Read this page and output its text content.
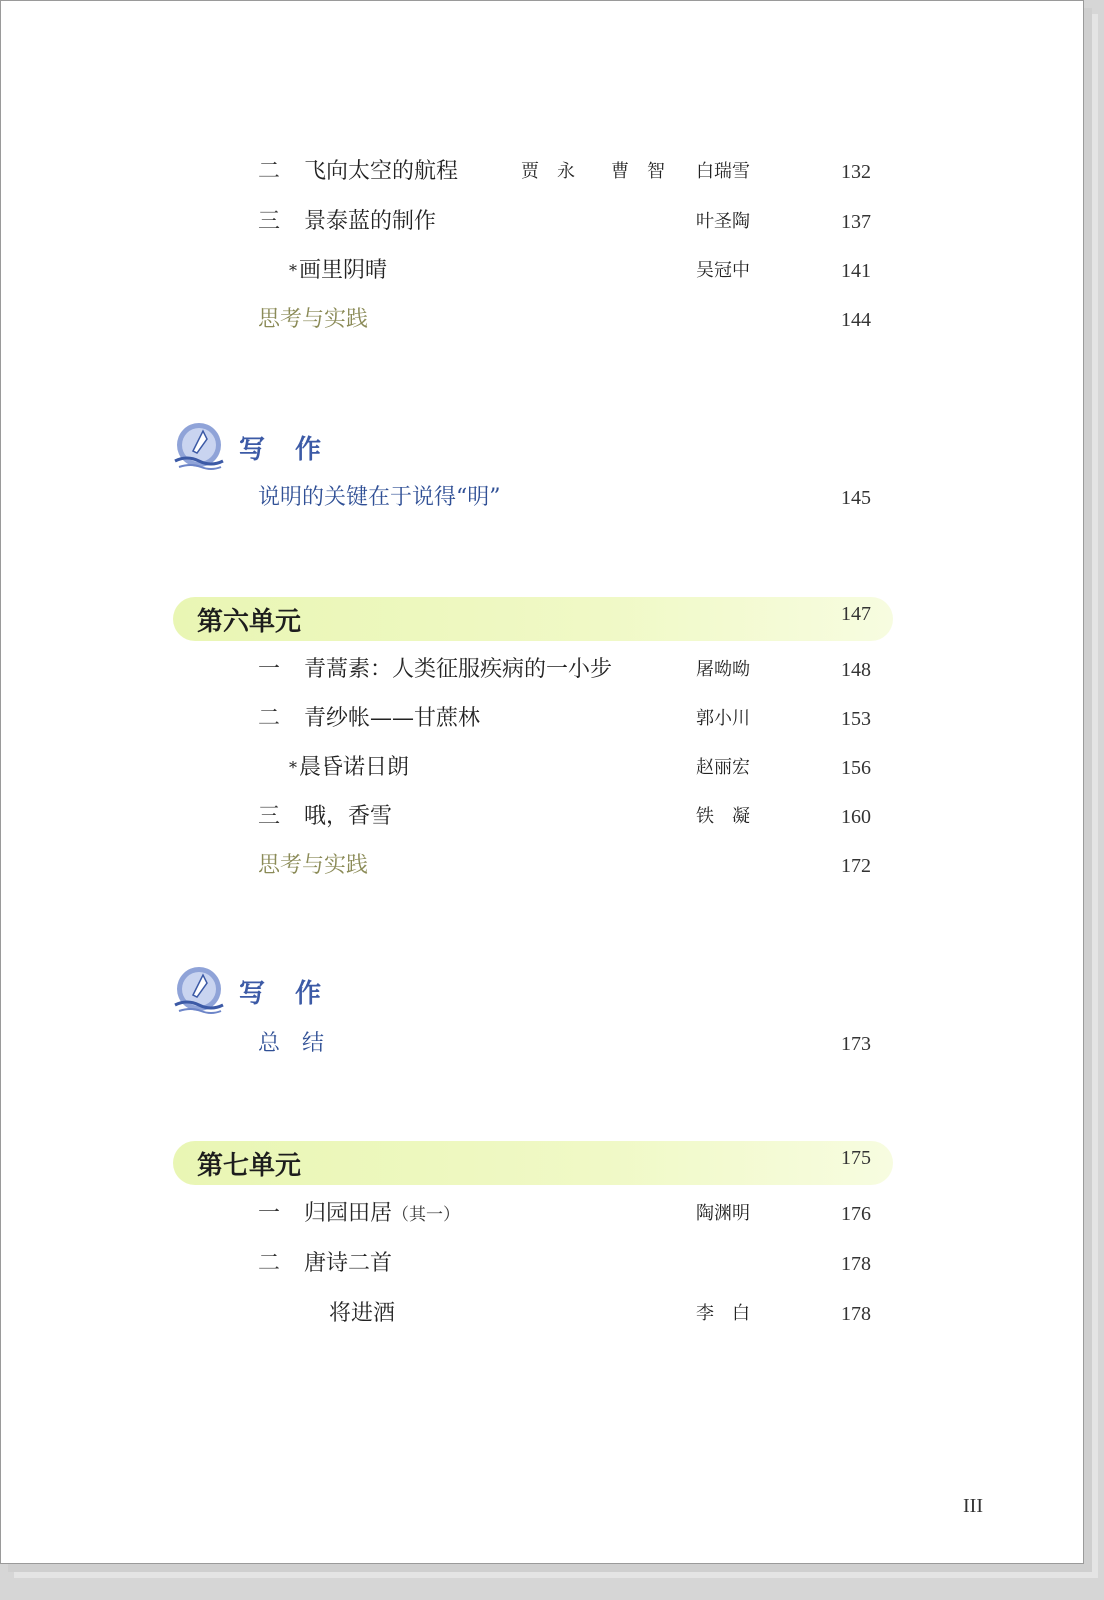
二 飞向太空的航程	贾　永　　曹　智 白瑞雪	132
三 景泰蓝的制作	叶圣陶	137
*画里阴晴	吴冠中	141
思考与实践	144
写作
说明的关键在于说得“明”	145
第六单元	147
一 青蒿素：人类征服疾病的一小步	屠呦呦	148
二 青纱帐——甘蔗林	郭小川	153
*晨昏诺日朗	赵丽宏	156
三 哦，香雪	铁　凝	160
思考与实践	172
写作
总　结	173
第七单元	175
一 归园田居（其一）	陶渊明	176
二 唐诗二首	178
将进酒	李　白	178
III
